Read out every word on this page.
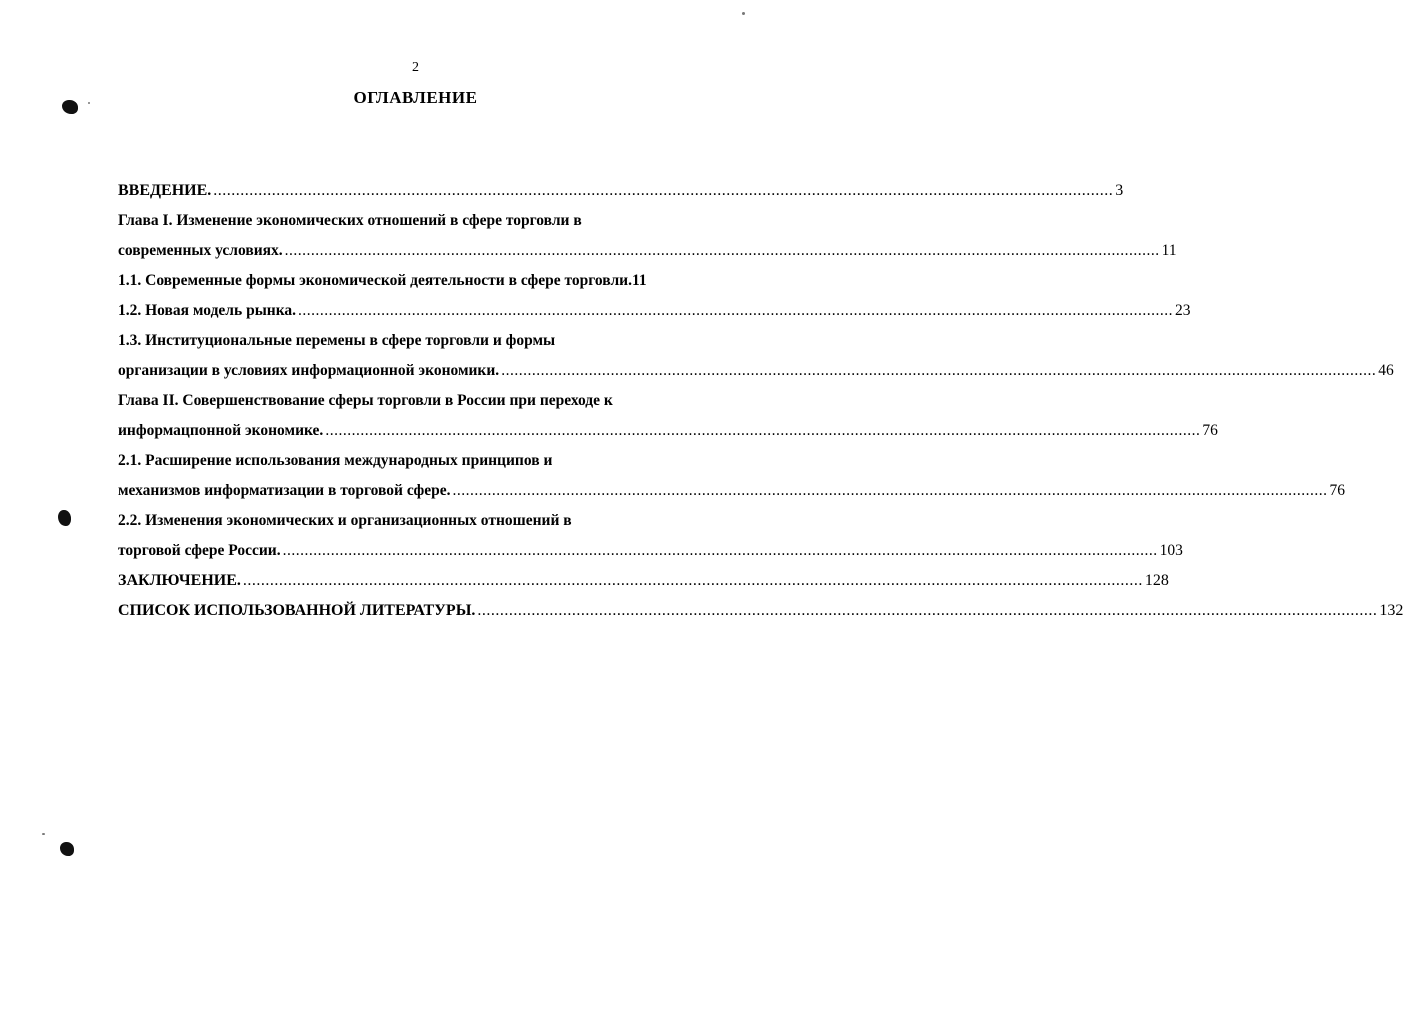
2
ОГЛАВЛЕНИЕ
ВВЕДЕНИЕ. .....	3
Глава I. Изменение экономических отношений в сфере торговли в
современных условиях. .....	11
1.1. Современные формы экономической деятельности в сфере торговли. 11
1.2. Новая модель рынка. .....	23
1.3. Институциональные перемены в сфере торговли и формы
организации в условиях информационной экономики. .....	46
Глава II. Совершенствование сферы торговли в России при переходе к
информацпонной экономике. .....	76
2.1. Расширение использования международных принципов и
механизмов информатизации в торговой сфере. .....	76
2.2. Изменения экономических и организационных отношений в
торговой сфере России. .....	103
ЗАКЛЮЧЕНИЕ. .....	128
СПИСОК ИСПОЛЬЗОВАННОЙ ЛИТЕРАТУРЫ. .....	132
